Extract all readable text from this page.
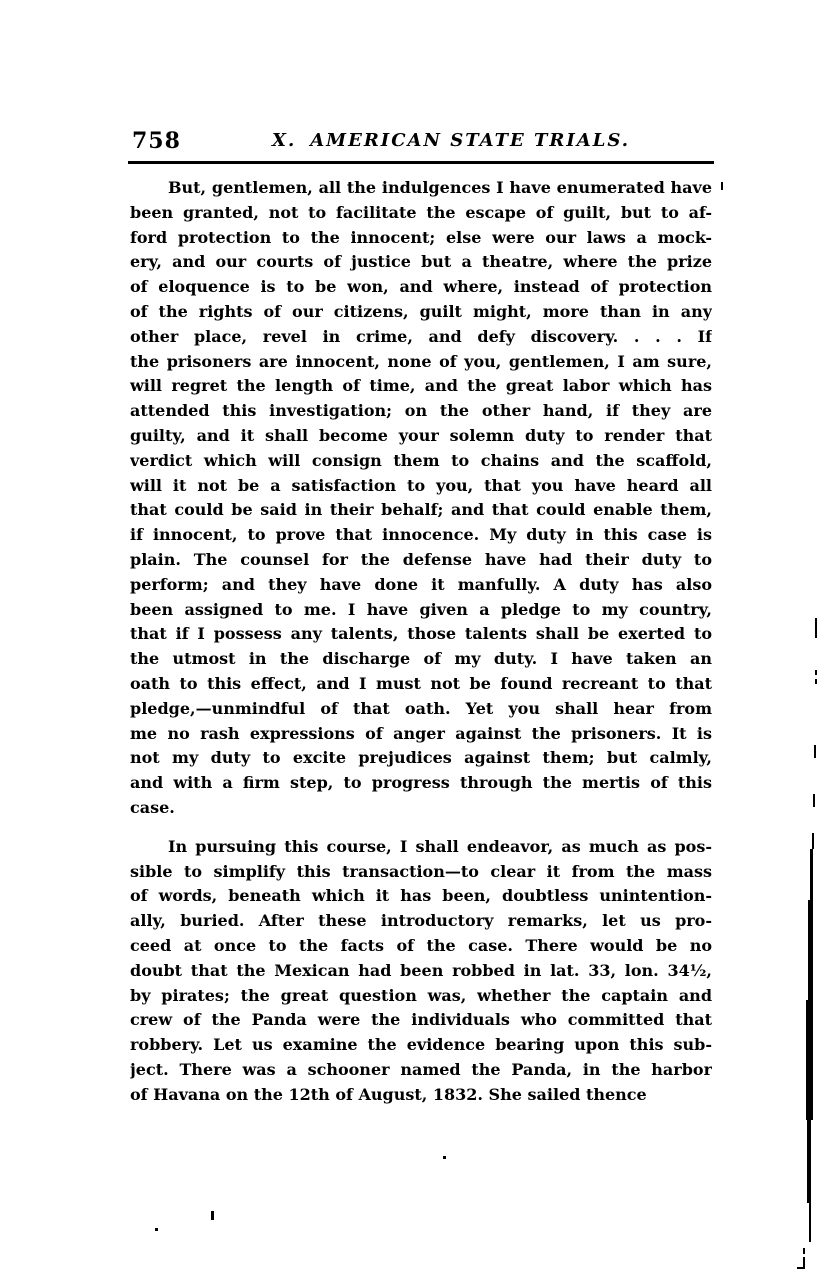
758	X. AMERICAN STATE TRIALS.
But, gentlemen, all the indulgences I have enumerated have
been granted, not to facilitate the escape of guilt, but to af-
ford protection to the innocent; else were our laws a mock-
ery, and our courts of justice but a theatre, where the prize
of eloquence is to be won, and where, instead of protection
of the rights of our citizens, guilt might, more than in any
other place, revel in crime, and defy discovery. . . . If
the prisoners are innocent, none of you, gentlemen, I am sure,
will regret the length of time, and the great labor which has
attended this investigation; on the other hand, if they are
guilty, and it shall become your solemn duty to render that
verdict which will consign them to chains and the scaffold,
will it not be a satisfaction to you, that you have heard all
that could be said in their behalf; and that could enable them,
if innocent, to prove that innocence. My duty in this case is
plain. The counsel for the defense have had their duty to
perform; and they have done it manfully. A duty has also
been assigned to me. I have given a pledge to my country,
that if I possess any talents, those talents shall be exerted to
the utmost in the discharge of my duty. I have taken an
oath to this effect, and I must not be found recreant to that
pledge,—unmindful of that oath. Yet you shall hear from
me no rash expressions of anger against the prisoners. It is
not my duty to excite prejudices against them; but calmly,
and with a firm step, to progress through the mertis of this
case.
In pursuing this course, I shall endeavor, as much as pos-
sible to simplify this transaction—to clear it from the mass
of words, beneath which it has been, doubtless unintention-
ally, buried. After these introductory remarks, let us pro-
ceed at once to the facts of the case. There would be no
doubt that the Mexican had been robbed in lat. 33, lon. 34½,
by pirates; the great question was, whether the captain and
crew of the Panda were the individuals who committed that
robbery. Let us examine the evidence bearing upon this sub-
ject. There was a schooner named the Panda, in the harbor
of Havana on the 12th of August, 1832. She sailed thence
